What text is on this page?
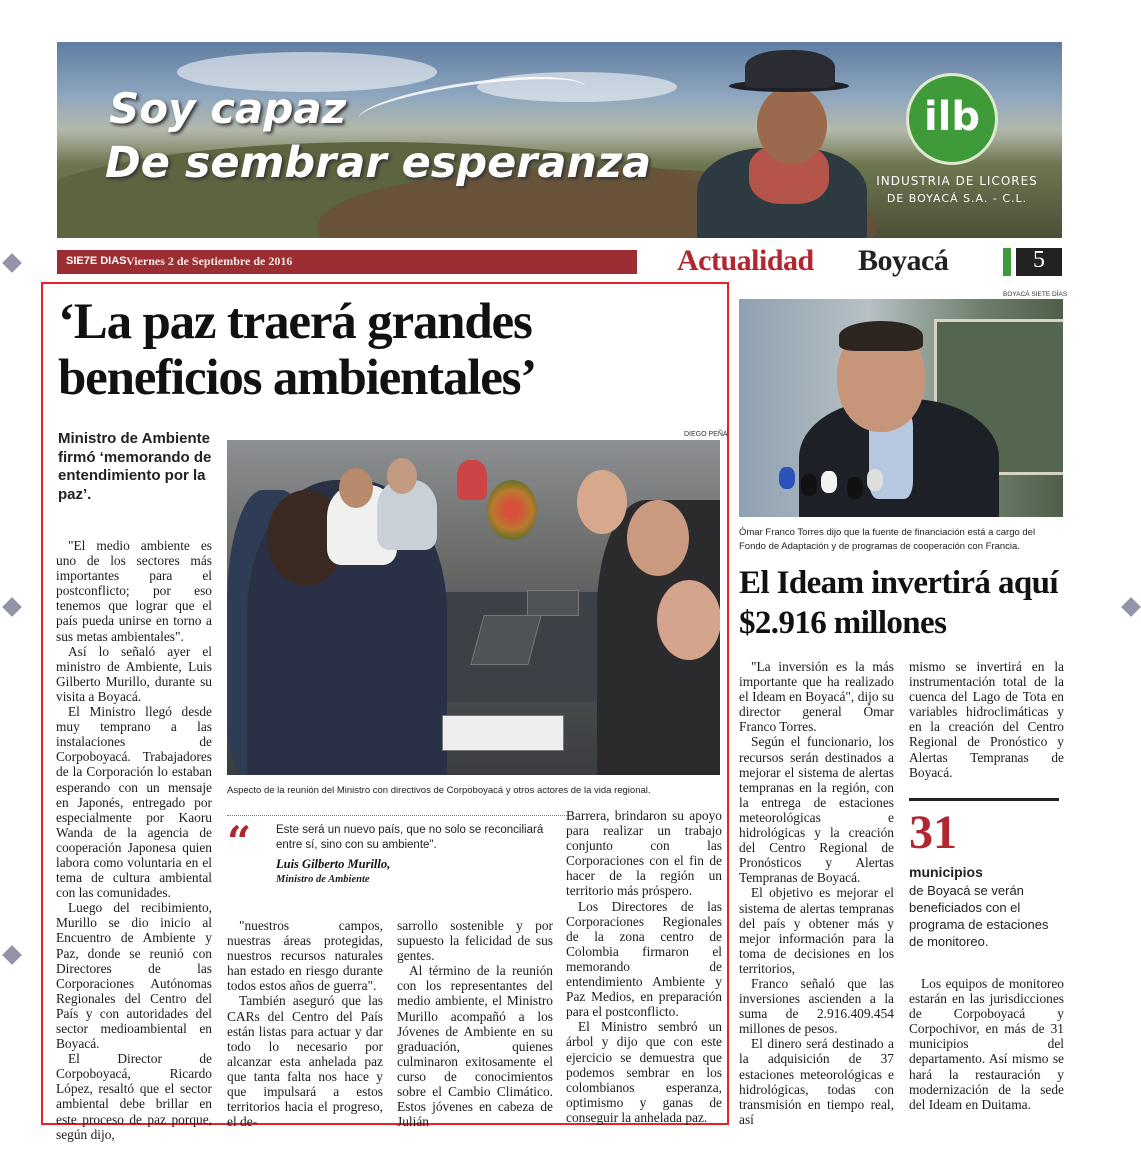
Soy capaz
De sembrar esperanza
ilb
INDUSTRIA DE LICORES
DE BOYACÁ S.A. - C.L.
SIE7E DIAS Viernes 2 de Septiembre de 2016	Actualidad Boyacá	5
‘La paz traerá grandes beneficios ambientales’
Ministro de Ambiente firmó ‘memorando de entendimiento por la paz’.
DIEGO PEÑA
Aspecto de la reunión del Ministro con directivos de Corpoboyacá y otros actores de la vida regional.

"El medio ambiente es uno de los sectores más importantes para el postconflicto; por eso tenemos que lograr que el país pueda unirse en torno a sus metas ambientales".

Así lo señaló ayer el ministro de Ambiente, Luis Gilberto Murillo, durante su visita a Boyacá.

El Ministro llegó desde muy temprano a las instalaciones de Corpoboyacá. Trabajadores de la Corporación lo estaban esperando con un mensaje en Japonés, entregado por especialmente por Kaoru Wanda de la agencia de cooperación Japonesa quien labora como voluntaria en el tema de cultura ambiental con las comunidades.

Luego del recibimiento, Murillo se dio inicio al Encuentro de Ambiente y Paz, donde se reunió con Directores de las Corporaciones Autónomas Regionales del Centro del País y con autoridades del sector medioambiental en Boyacá.

El Director de Corpoboyacá, Ricardo López, resaltó que el sector ambiental debe brillar en este proceso de paz porque, según dijo,

“ Este será un nuevo país, que no solo se reconciliará entre sí, sino con su ambiente".
Luis Gilberto Murillo,
Ministro de Ambiente

"nuestros campos, nuestras áreas protegidas, nuestros recursos naturales han estado en riesgo durante todos estos años de guerra".

También aseguró que las CARs del Centro del País están listas para actuar y dar todo lo necesario por alcanzar esta anhelada paz que tanta falta nos hace y que impulsará a estos territorios hacia el progreso, el de-

sarrollo sostenible y por supuesto la felicidad de sus gentes.

Al término de la reunión con los representantes del medio ambiente, el Ministro Murillo acompañó a los Jóvenes de Ambiente en su graduación, quienes culminaron exitosamente el curso de conocimientos sobre el Cambio Climático. Estos jóvenes en cabeza de Julián

Barrera, brindaron su apoyo para realizar un trabajo conjunto con las Corporaciones con el fin de hacer de la región un territorio más próspero.

Los Directores de las Corporaciones Regionales de la zona centro de Colombia firmaron el memorando de entendimiento Ambiente y Paz Medios, en preparación para el postconflicto.

El Ministro sembró un árbol y dijo que con este ejercicio se demuestra que podemos sembrar en los colombianos esperanza, optimismo y ganas de conseguir la anhelada paz.

BOYACÁ SIETE DÍAS
Ómar Franco Torres dijo que la fuente de financiación está a cargo del Fondo de Adaptación y de programas de cooperación con Francia.
El Ideam invertirá aquí $2.916 millones

"La inversión es la más importante que ha realizado el Ideam en Boyacá", dijo su director general Ómar Franco Torres.

Según el funcionario, los recursos serán destinados a mejorar el sistema de alertas tempranas en la región, con la entrega de estaciones meteorológicas e hidrológicas y la creación del Centro Regional de Pronósticos y Alertas Tempranas de Boyacá.

El objetivo es mejorar el sistema de alertas tempranas del país y obtener más y mejor información para la toma de decisiones en los territorios,

Franco señaló que las inversiones ascienden a la suma de 2.916.409.454 millones de pesos.

El dinero será destinado a la adquisición de 37 estaciones meteorológicas e hidrológicas, todas con transmisión en tiempo real, así

mismo se invertirá en la instrumentación total de la cuenca del Lago de Tota en variables hidroclimáticas y en la creación del Centro Regional de Pronóstico y Alertas Tempranas de Boyacá.

31
municipios
de Boyacá se verán beneficiados con el programa de estaciones de monitoreo.

Los equipos de monitoreo estarán en las jurisdicciones de Corpoboyacá y Corpochivor, en más de 31 municipios del departamento. Así mismo se hará la restauración y modernización de la sede del Ideam en Duitama.
